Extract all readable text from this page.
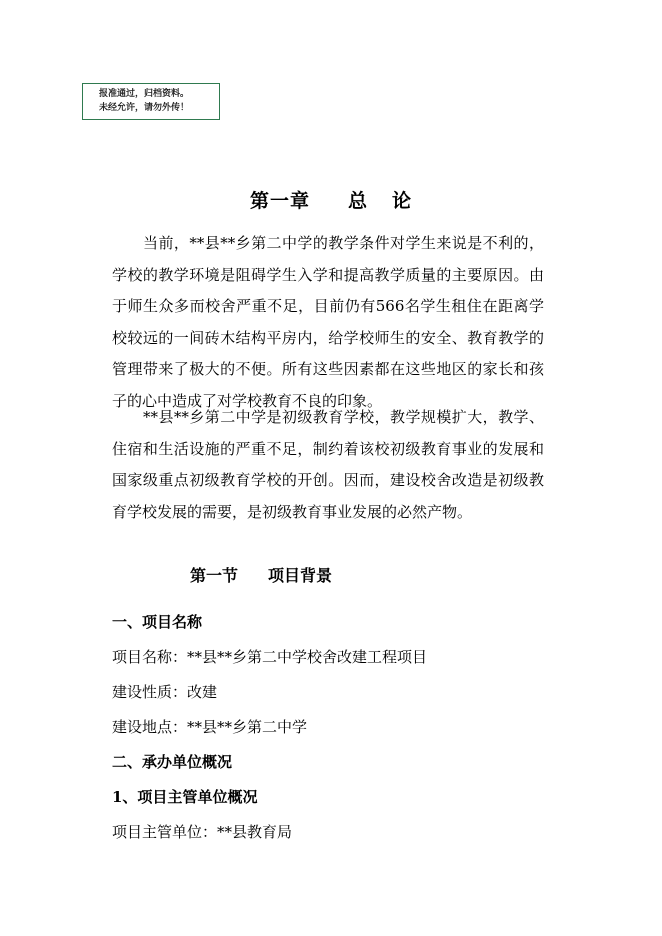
报准通过，归档资料。
未经允许，请勿外传！
第一章 总 论

当前，**县**乡第二中学的教学条件对学生来说是不利的，学校的教学环境是阻碍学生入学和提高教学质量的主要原因。由于师生众多而校舍严重不足，目前仍有566名学生租住在距离学校较远的一间砖木结构平房内，给学校师生的安全、教育教学的管理带来了极大的不便。所有这些因素都在这些地区的家长和孩子的心中造成了对学校教育不良的印象。

**县**乡第二中学是初级教育学校，教学规模扩大，教学、住宿和生活设施的严重不足，制约着该校初级教育事业的发展和国家级重点初级教育学校的开创。因而，建设校舍改造是初级教育学校发展的需要，是初级教育事业发展的必然产物。

第一节 项目背景
一、项目名称
项目名称：**县**乡第二中学校舍改建工程项目
建设性质：改建
建设地点：**县**乡第二中学
二、承办单位概况
1、项目主管单位概况
项目主管单位：**县教育局
